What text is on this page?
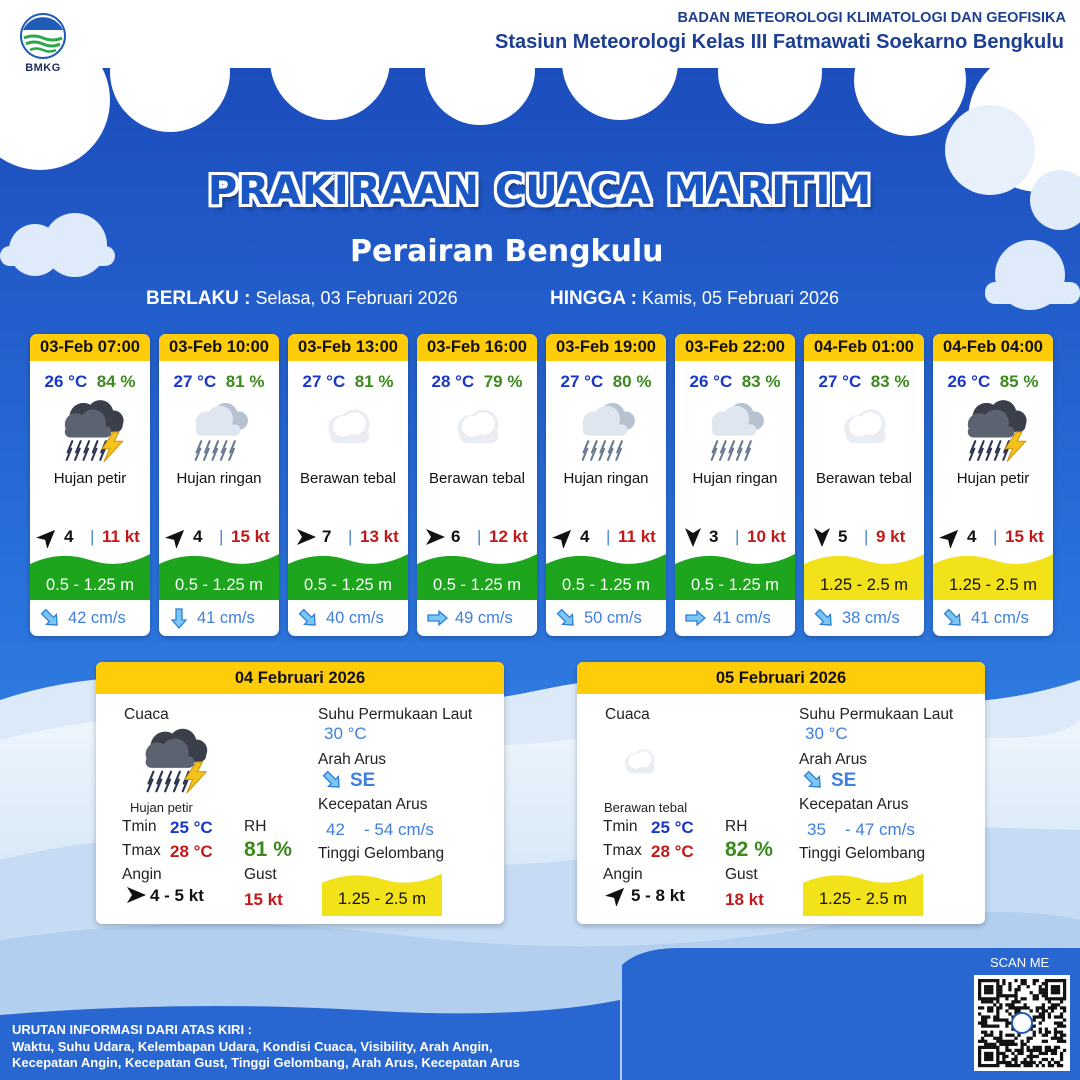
BMKG
BADAN METEOROLOGI KLIMATOLOGI DAN GEOFISIKA
Stasiun Meteorologi Kelas III Fatmawati Soekarno Bengkulu
PRAKIRAAN CUACA MARITIM
Perairan Bengkulu
BERLAKU : Selasa, 03 Februari 2026	HINGGA : Kamis, 05 Februari 2026
03-Feb 07:00
26 °C 84 %
Hujan petir
4 | 11 kt
0.5 - 1.25 m
42 cm/s
03-Feb 10:00
27 °C 81 %
Hujan ringan
4 | 15 kt
0.5 - 1.25 m
41 cm/s
03-Feb 13:00
27 °C 81 %
Berawan tebal
7 | 13 kt
0.5 - 1.25 m
40 cm/s
03-Feb 16:00
28 °C 79 %
Berawan tebal
6 | 12 kt
0.5 - 1.25 m
49 cm/s
03-Feb 19:00
27 °C 80 %
Hujan ringan
4 | 11 kt
0.5 - 1.25 m
50 cm/s
03-Feb 22:00
26 °C 83 %
Hujan ringan
3 | 10 kt
0.5 - 1.25 m
41 cm/s
04-Feb 01:00
27 °C 83 %
Berawan tebal
5 | 9 kt
1.25 - 2.5 m
38 cm/s
04-Feb 04:00
26 °C 85 %
Hujan petir
4 | 15 kt
1.25 - 2.5 m
41 cm/s
04 Februari 2026
Cuaca
Hujan petir
Tmin 25 °C
Tmax 28 °C
Angin
4 - 5 kt
RH
81 %
Gust
15 kt
Suhu Permukaan Laut
30 °C
Arah Arus
SE
Kecepatan Arus
42 - 54 cm/s
Tinggi Gelombang
1.25 - 2.5 m
05 Februari 2026
Cuaca
Berawan tebal
Tmin 25 °C
Tmax 28 °C
Angin
5 - 8 kt
RH
82 %
Gust
18 kt
Suhu Permukaan Laut
30 °C
Arah Arus
SE
Kecepatan Arus
35 - 47 cm/s
Tinggi Gelombang
1.25 - 2.5 m
URUTAN INFORMASI DARI ATAS KIRI :
Waktu, Suhu Udara, Kelembapan Udara, Kondisi Cuaca, Visibility, Arah Angin,
Kecepatan Angin, Kecepatan Gust, Tinggi Gelombang, Arah Arus, Kecepatan Arus
SCAN ME
